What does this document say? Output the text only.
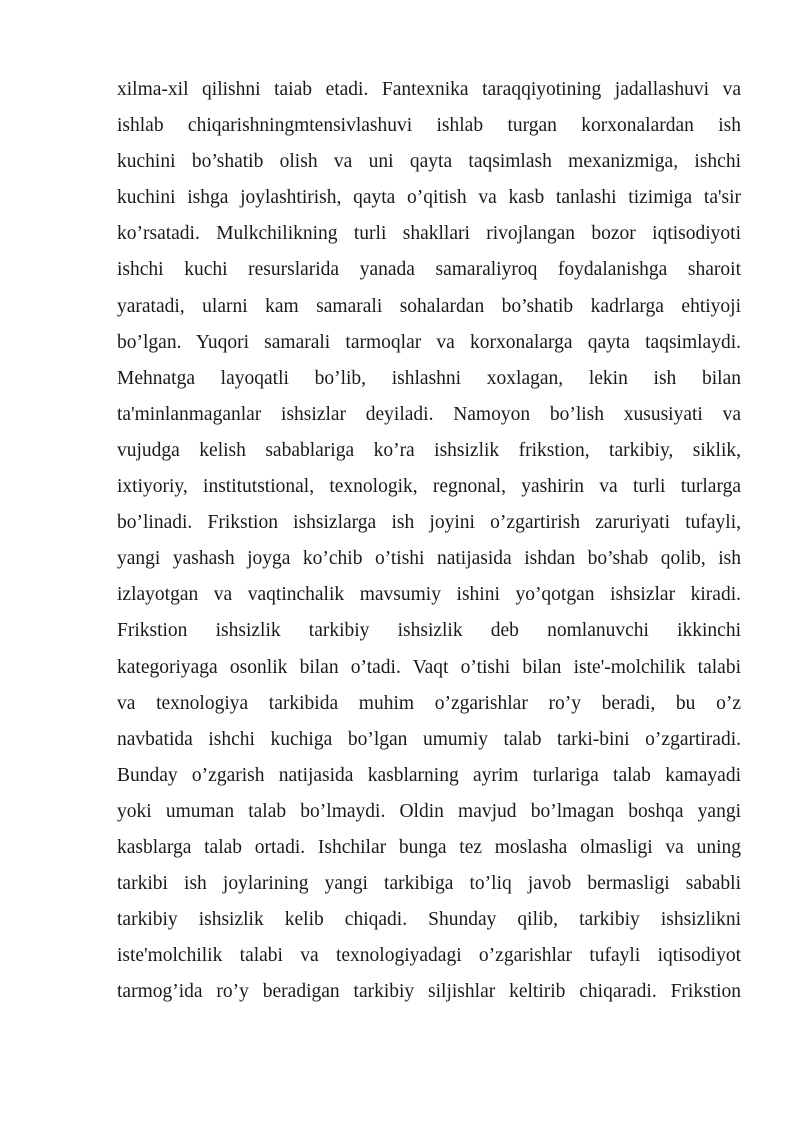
xilma-xil qilishni taiab etadi. Fantexnika taraqqiyotining jadallashuvi va
ishlab chiqarishningmtensivlashuvi ishlab turgan korxonalardan ish
kuchini bo’shatib olish va uni qayta taqsimlash mexanizmiga, ishchi
kuchini ishga joylashtirish, qayta o’qitish va kasb tanlashi tizimiga ta'sir
ko’rsatadi. Mulkchilikning turli shakllari rivojlangan bozor iqtisodiyoti
ishchi kuchi resurslarida yanada samaraliyroq foydalanishga sharoit
yaratadi, ularni kam samarali sohalardan bo’shatib kadrlarga ehtiyoji
bo’lgan. Yuqori samarali tarmoqlar va korxonalarga qayta taqsimlaydi.
Mehnatga layoqatli bo’lib, ishlashni xoxlagan, lekin ish bilan
ta'minlanmaganlar ishsizlar deyiladi. Namoyon bo’lish xususiyati va
vujudga kelish sabablariga ko’ra ishsizlik frikstion, tarkibiy, siklik,
ixtiyoriy, institutstional, texnologik, regnonal, yashirin va turli turlarga
bo’linadi. Frikstion ishsizlarga ish joyini o’zgartirish zaruriyati tufayli,
yangi yashash joyga ko’chib o’tishi natijasida ishdan bo’shab qolib, ish
izlayotgan va vaqtinchalik mavsumiy ishini yo’qotgan ishsizlar kiradi.
Frikstion ishsizlik tarkibiy ishsizlik deb nomlanuvchi ikkinchi
kategoriyaga osonlik bilan o’tadi. Vaqt o’tishi bilan iste'-molchilik talabi
va texnologiya tarkibida muhim o’zgarishlar ro’y beradi, bu o’z
navbatida ishchi kuchiga bo’lgan umumiy talab tarki-bini o’zgartiradi.
Bunday o’zgarish natijasida kasblarning ayrim turlariga talab kamayadi
yoki umuman talab bo’lmaydi. Oldin mavjud bo’lmagan boshqa yangi
kasblarga talab ortadi. Ishchilar bunga tez moslasha olmasligi va uning
tarkibi ish joylarining yangi tarkibiga to’liq javob bermasligi sababli
tarkibiy ishsizlik kelib chiqadi. Shunday qilib, tarkibiy ishsizlikni
iste'molchilik talabi va texnologiyadagi o’zgarishlar tufayli iqtisodiyot
tarmog’ida ro’y beradigan tarkibiy siljishlar keltirib chiqaradi. Frikstion
